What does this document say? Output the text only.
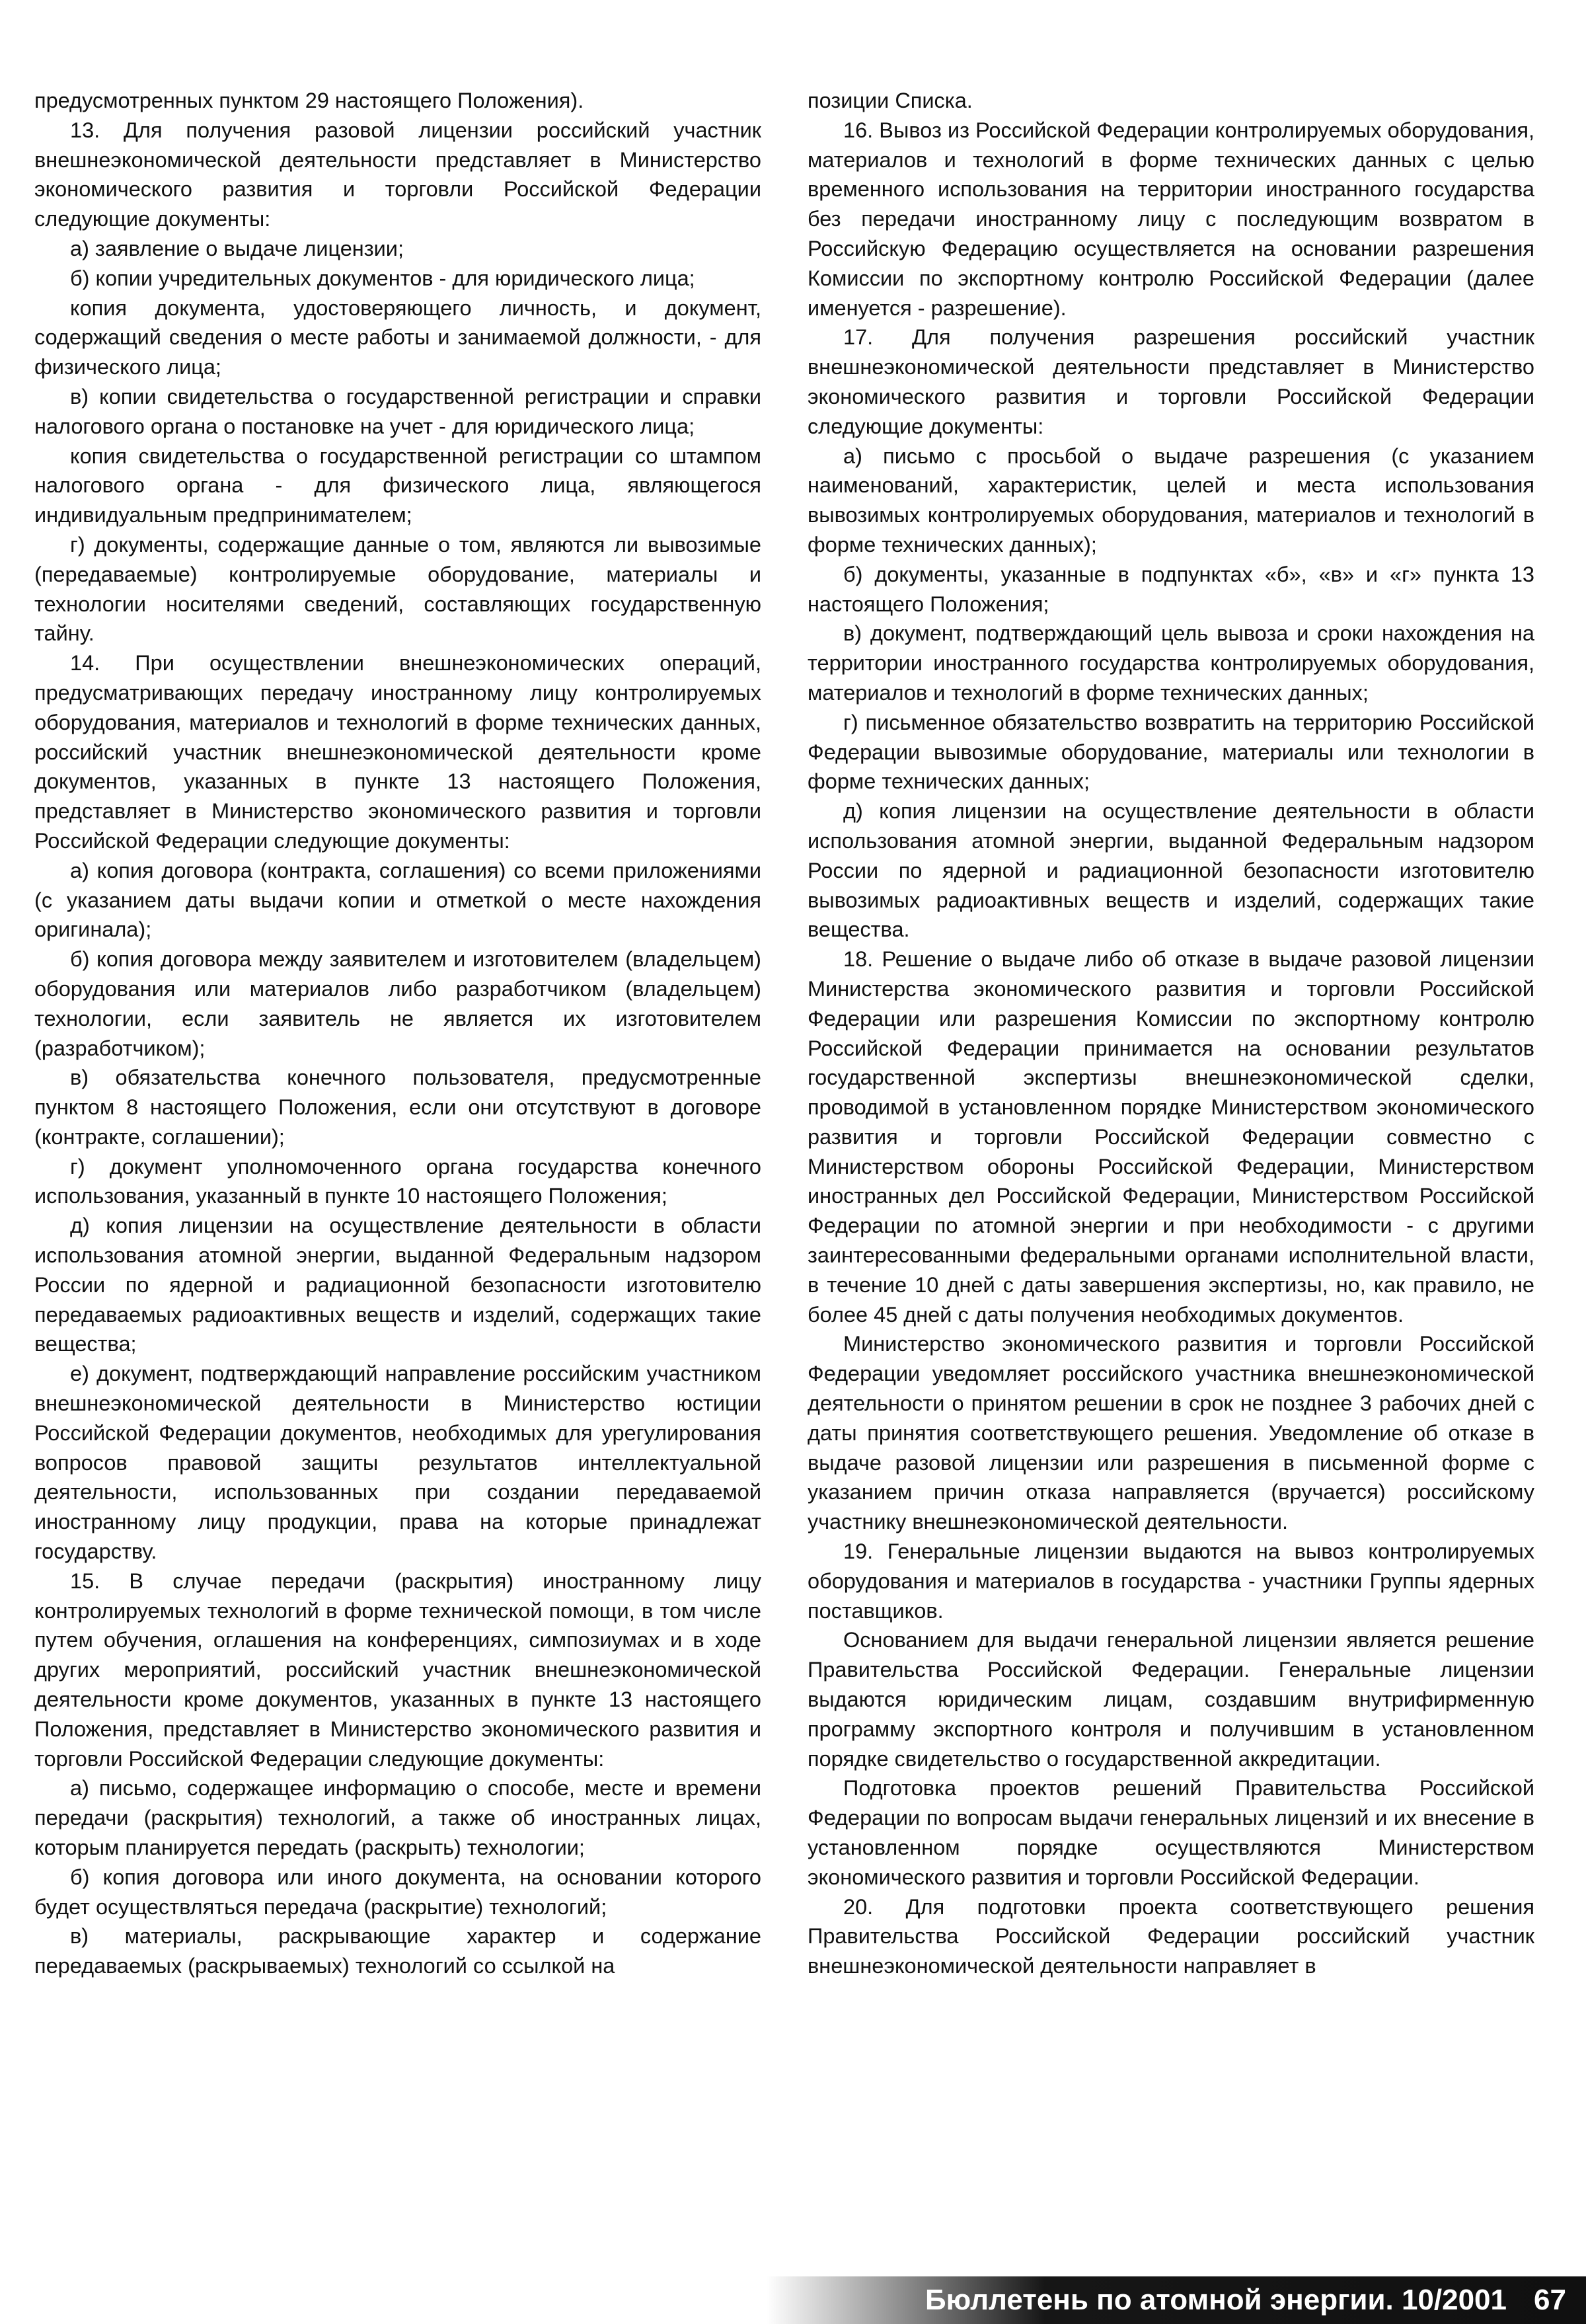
предусмотренных пунктом 29 настоящего Положения).

13. Для получения разовой лицензии российский участник внешнеэкономической деятельности представляет в Министерство экономического развития и торговли Российской Федерации следующие документы:

а) заявление о выдаче лицензии;

б) копии учредительных документов - для юридического лица;

копия документа, удостоверяющего личность, и документ, содержащий сведения о месте работы и занимаемой должности, - для физического лица;

в) копии свидетельства о государственной регистрации и справки налогового органа о постановке на учет - для юридического лица;

копия свидетельства о государственной регистрации со штампом налогового органа - для физического лица, являющегося индивидуальным предпринимателем;

г) документы, содержащие данные о том, являются ли вывозимые (передаваемые) контролируемые оборудование, материалы и технологии носителями сведений, составляющих государственную тайну.

14. При осуществлении внешнеэкономических операций, предусматривающих передачу иностранному лицу контролируемых оборудования, материалов и технологий в форме технических данных, российский участник внешнеэкономической деятельности кроме документов, указанных в пункте 13 настоящего Положения, представляет в Министерство экономического развития и торговли Российской Федерации следующие документы:

а) копия договора (контракта, соглашения) со всеми приложениями (с указанием даты выдачи копии и отметкой о месте нахождения оригинала);

б) копия договора между заявителем и изготовителем (владельцем) оборудования или материалов либо разработчиком (владельцем) технологии, если заявитель не является их изготовителем (разработчиком);

в) обязательства конечного пользователя, предусмотренные пунктом 8 настоящего Положения, если они отсутствуют в договоре (контракте, соглашении);

г) документ уполномоченного органа государства конечного использования, указанный в пункте 10 настоящего Положения;

д) копия лицензии на осуществление деятельности в области использования атомной энергии, выданной Федеральным надзором России по ядерной и радиационной безопасности изготовителю передаваемых радиоактивных веществ и изделий, содержащих такие вещества;

е) документ, подтверждающий направление российским участником внешнеэкономической деятельности в Министерство юстиции Российской Федерации документов, необходимых для урегулирования вопросов правовой защиты результатов интеллектуальной деятельности, использованных при создании передаваемой иностранному лицу продукции, права на которые принадлежат государству.

15. В случае передачи (раскрытия) иностранному лицу контролируемых технологий в форме технической помощи, в том числе путем обучения, оглашения на конференциях, симпозиумах и в ходе других мероприятий, российский участник внешнеэкономической деятельности кроме документов, указанных в пункте 13 настоящего Положения, представляет в Министерство экономического развития и торговли Российской Федерации следующие документы:

а) письмо, содержащее информацию о способе, месте и времени передачи (раскрытия) технологий, а также об иностранных лицах, которым планируется передать (раскрыть) технологии;

б) копия договора или иного документа, на основании которого будет осуществляться передача (раскрытие) технологий;

в) материалы, раскрывающие характер и содержание передаваемых (раскрываемых) технологий со ссылкой на

позиции Списка.

16. Вывоз из Российской Федерации контролируемых оборудования, материалов и технологий в форме технических данных с целью временного использования на территории иностранного государства без передачи иностранному лицу с последующим возвратом в Российскую Федерацию осуществляется на основании разрешения Комиссии по экспортному контролю Российской Федерации (далее именуется - разрешение).

17. Для получения разрешения российский участник внешнеэкономической деятельности представляет в Министерство экономического развития и торговли Российской Федерации следующие документы:

а) письмо с просьбой о выдаче разрешения (с указанием наименований, характеристик, целей и места использования вывозимых контролируемых оборудования, материалов и технологий в форме технических данных);

б) документы, указанные в подпунктах «б», «в» и «г» пункта 13 настоящего Положения;

в) документ, подтверждающий цель вывоза и сроки нахождения на территории иностранного государства контролируемых оборудования, материалов и технологий в форме технических данных;

г) письменное обязательство возвратить на территорию Российской Федерации вывозимые оборудование, материалы или технологии в форме технических данных;

д) копия лицензии на осуществление деятельности в области использования атомной энергии, выданной Федеральным надзором России по ядерной и радиационной безопасности изготовителю вывозимых радиоактивных веществ и изделий, содержащих такие вещества.

18. Решение о выдаче либо об отказе в выдаче разовой лицензии Министерства экономического развития и торговли Российской Федерации или разрешения Комиссии по экспортному контролю Российской Федерации принимается на основании результатов государственной экспертизы внешнеэкономической сделки, проводимой в установленном порядке Министерством экономического развития и торговли Российской Федерации совместно с Министерством обороны Российской Федерации, Министерством иностранных дел Российской Федерации, Министерством Российской Федерации по атомной энергии и при необходимости - с другими заинтересованными федеральными органами исполнительной власти, в течение 10 дней с даты завершения экспертизы, но, как правило, не более 45 дней с даты получения необходимых документов.

Министерство экономического развития и торговли Российской Федерации уведомляет российского участника внешнеэкономической деятельности о принятом решении в срок не позднее 3 рабочих дней с даты принятия соответствующего решения. Уведомление об отказе в выдаче разовой лицензии или разрешения в письменной форме с указанием причин отказа направляется (вручается) российскому участнику внешнеэкономической деятельности.

19. Генеральные лицензии выдаются на вывоз контролируемых оборудования и материалов в государства - участники Группы ядерных поставщиков.

Основанием для выдачи генеральной лицензии является решение Правительства Российской Федерации. Генеральные лицензии выдаются юридическим лицам, создавшим внутрифирменную программу экспортного контроля и получившим в установленном порядке свидетельство о государственной аккредитации.

Подготовка проектов решений Правительства Российской Федерации по вопросам выдачи генеральных лицензий и их внесение в установленном порядке осуществляются Министерством экономического развития и торговли Российской Федерации.

20. Для подготовки проекта соответствующего решения Правительства Российской Федерации российский участник внешнеэкономической деятельности направляет в

Бюллетень по атомной энергии. 10/2001 67
